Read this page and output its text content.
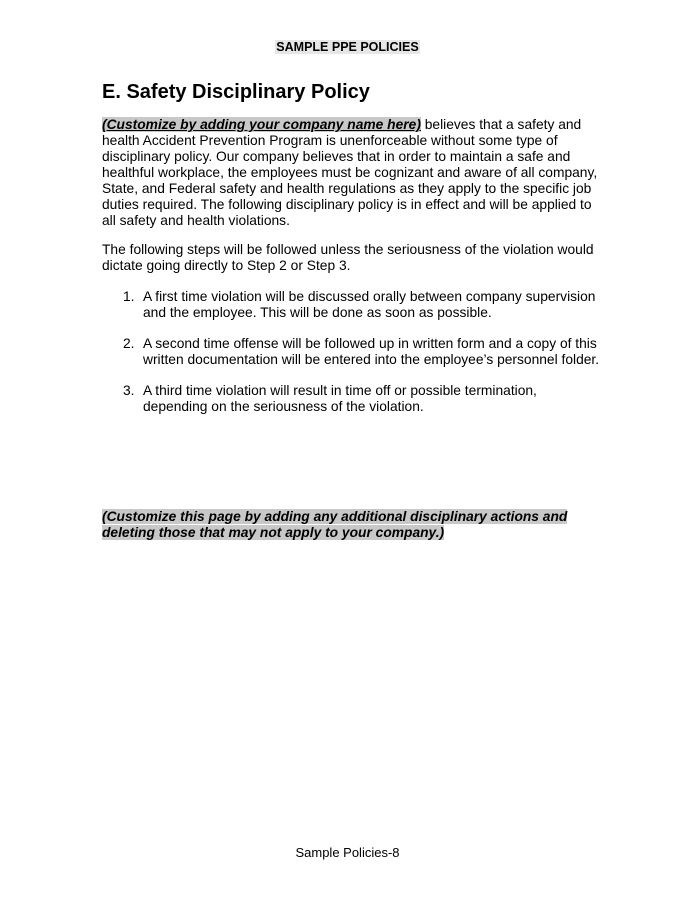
SAMPLE PPE POLICIES
E. Safety Disciplinary Policy
(Customize by adding your company name here) believes that a safety and health Accident Prevention Program is unenforceable without some type of disciplinary policy. Our company believes that in order to maintain a safe and healthful workplace, the employees must be cognizant and aware of all company, State, and Federal safety and health regulations as they apply to the specific job duties required. The following disciplinary policy is in effect and will be applied to all safety and health violations.
The following steps will be followed unless the seriousness of the violation would dictate going directly to Step 2 or Step 3.
1. A first time violation will be discussed orally between company supervision and the employee. This will be done as soon as possible.
2. A second time offense will be followed up in written form and a copy of this written documentation will be entered into the employee’s personnel folder.
3. A third time violation will result in time off or possible termination, depending on the seriousness of the violation.
(Customize this page by adding any additional disciplinary actions and deleting those that may not apply to your company.)
Sample Policies-8
